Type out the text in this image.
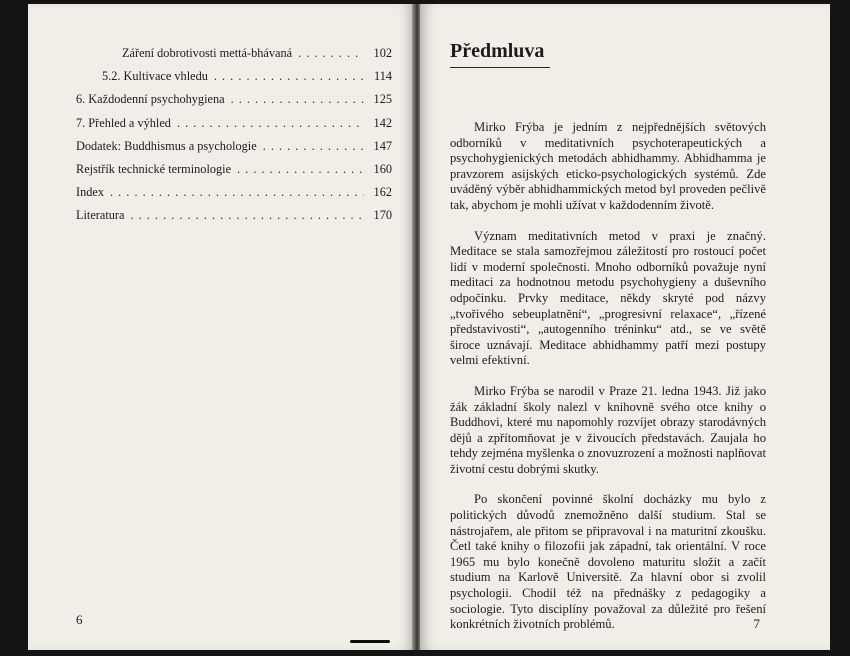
Záření dobrotivosti mettá-bhávaná . . .	102
5.2. Kultivace vhledu . . .	114
6. Každodenní psychohygiena . . .	125
7. Přehled a výhled . . .	142
Dodatek: Buddhismus a psychologie . . .	147
Rejstřík technické terminologie . . .	160
Index . . .	162
Literatura . . .	170
6
Předmluva

Mirko Frýba je jedním z nejpřednějších světových odborníků v meditativních psychoterapeutických a psychohygienických metodách abhidhammy. Abhidhamma je pravzorem asijských eticko-psychologických systémů. Zde uváděný výběr abhidhammických metod byl proveden pečlivě tak, abychom je mohli užívat v každodenním životě.

Význam meditativních metod v praxi je značný. Meditace se stala samozřejmou záležitostí pro rostoucí počet lidí v moderní společnosti. Mnoho odborníků považuje nyní meditaci za hodnotnou metodu psychohygieny a duševního odpočinku. Prvky meditace, někdy skryté pod názvy „tvořivého sebeuplatnění“, „progresivní relaxace“, „řízené představivosti“, „autogenního tréninku“ atd., se ve světě široce uznávají. Meditace abhidhammy patří mezi postupy velmi efektivní.

Mirko Frýba se narodil v Praze 21. ledna 1943. Již jako žák základní školy nalezl v knihovně svého otce knihy o Buddhovi, které mu napomohly rozvíjet obrazy starodávných dějů a zpřítomňovat je v živoucích představách. Zaujala ho tehdy zejména myšlenka o znovuzrození a možnosti naplňovat životní cestu dobrými skutky.

Po skončení povinné školní docházky mu bylo z politických důvodů znemožněno další studium. Stal se nástrojařem, ale přitom se připravoval i na maturitní zkoušku. Četl také knihy o filozofii jak západní, tak orientální. V roce 1965 mu bylo konečně dovoleno maturitu složit a začít studium na Karlově Universitě. Za hlavní obor si zvolil psychologii. Chodil též na přednášky z pedagogiky a sociologie. Tyto disciplíny považoval za důležité pro řešení konkrétních životních problémů.	7
